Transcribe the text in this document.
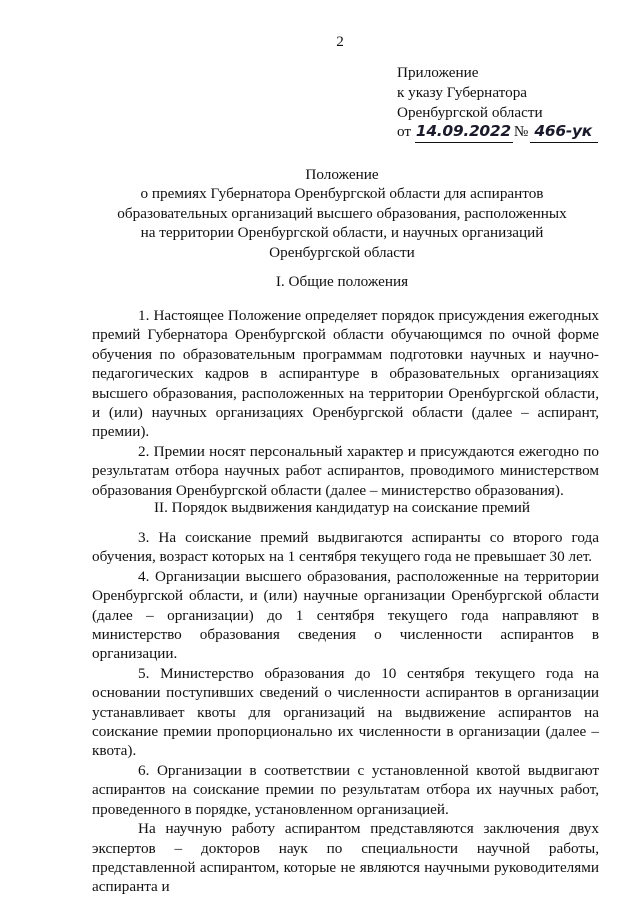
2
Приложение
к указу Губернатора
Оренбургской области
от 14.09.2022 № 466-ук
Положение
о премиях Губернатора Оренбургской области для аспирантов
образовательных организаций высшего образования, расположенных
на территории Оренбургской области, и научных организаций
Оренбургской области
I. Общие положения

1. Настоящее Положение определяет порядок присуждения ежегодных премий Губернатора Оренбургской области обучающимся по очной форме обучения по образовательным программам подготовки научных и научно-педагогических кадров в аспирантуре в образовательных организациях высшего образования, расположенных на территории Оренбургской области, и (или) научных организациях Оренбургской области (далее – аспирант, премии).

2. Премии носят персональный характер и присуждаются ежегодно по результатам отбора научных работ аспирантов, проводимого министерством образования Оренбургской области (далее – министерство образования).

II. Порядок выдвижения кандидатур на соискание премий

3. На соискание премий выдвигаются аспиранты со второго года обучения, возраст которых на 1 сентября текущего года не превышает 30 лет.

4. Организации высшего образования, расположенные на территории Оренбургской области, и (или) научные организации Оренбургской области (далее – организации) до 1 сентября текущего года направляют в министерство образования сведения о численности аспирантов в организации.

5. Министерство образования до 10 сентября текущего года на основании поступивших сведений о численности аспирантов в организации устанавливает квоты для организаций на выдвижение аспирантов на соискание премии пропорционально их численности в организации (далее – квота).

6. Организации в соответствии с установленной квотой выдвигают аспирантов на соискание премии по результатам отбора их научных работ, проведенного в порядке, установленном организацией.

На научную работу аспирантом представляются заключения двух экспертов – докторов наук по специальности научной работы, представленной аспирантом, которые не являются научными руководителями аспиранта и
